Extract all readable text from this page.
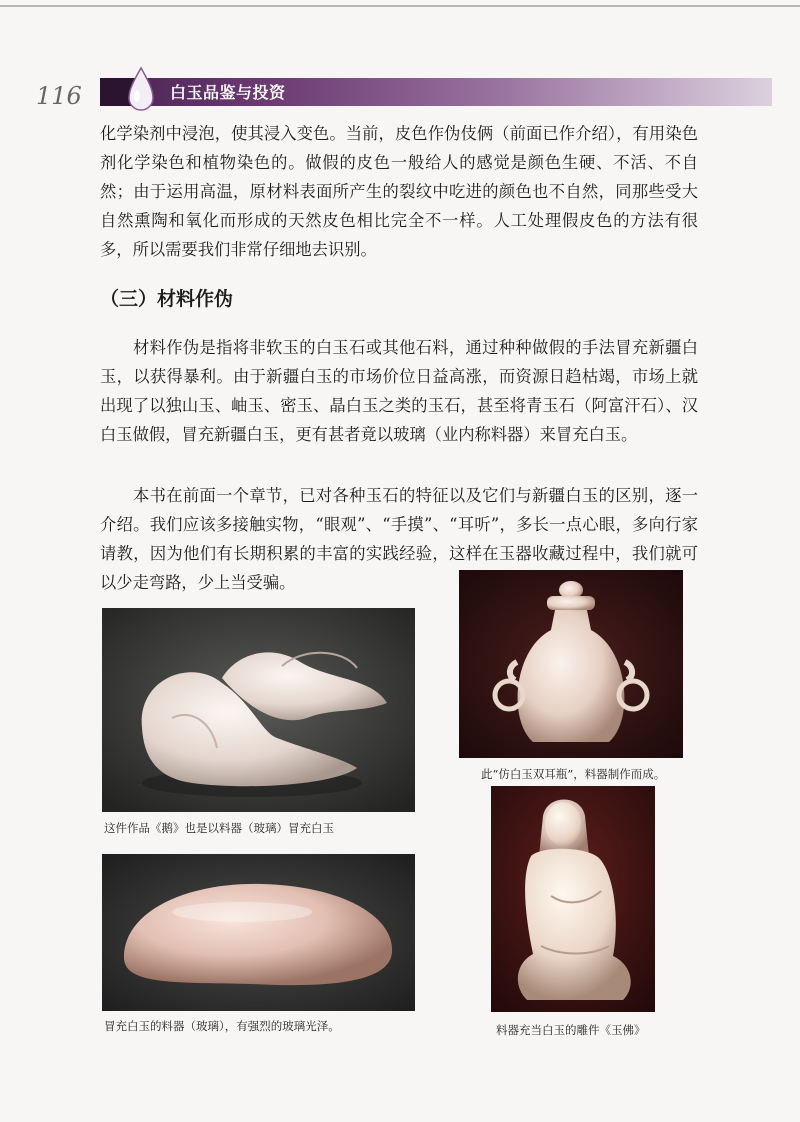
116	白玉品鉴与投资

化学染剂中浸泡，使其浸入变色。当前，皮色作伪伎俩（前面已作介绍），有用染色剂化学染色和植物染色的。做假的皮色一般给人的感觉是颜色生硬、不活、不自然；由于运用高温，原材料表面所产生的裂纹中吃进的颜色也不自然，同那些受大自然熏陶和氧化而形成的天然皮色相比完全不一样。人工处理假皮色的方法有很多，所以需要我们非常仔细地去识别。

（三）材料作伪

材料作伪是指将非软玉的白玉石或其他石料，通过种种做假的手法冒充新疆白玉，以获得暴利。由于新疆白玉的市场价位日益高涨，而资源日趋枯竭，市场上就出现了以独山玉、岫玉、密玉、晶白玉之类的玉石，甚至将青玉石（阿富汗石）、汉白玉做假，冒充新疆白玉，更有甚者竟以玻璃（业内称料器）来冒充白玉。

本书在前面一个章节，已对各种玉石的特征以及它们与新疆白玉的区别，逐一介绍。我们应该多接触实物，“眼观”、“手摸”、“耳听”，多长一点心眼，多向行家请教，因为他们有长期积累的丰富的实践经验，这样在玉器收藏过程中，我们就可以少走弯路，少上当受骗。

这件作品《鹅》也是以料器（玻璃）冒充白玉
此“仿白玉双耳瓶”，料器制作而成。
冒充白玉的料器（玻璃），有强烈的玻璃光泽。	料器充当白玉的雕件《玉佛》
